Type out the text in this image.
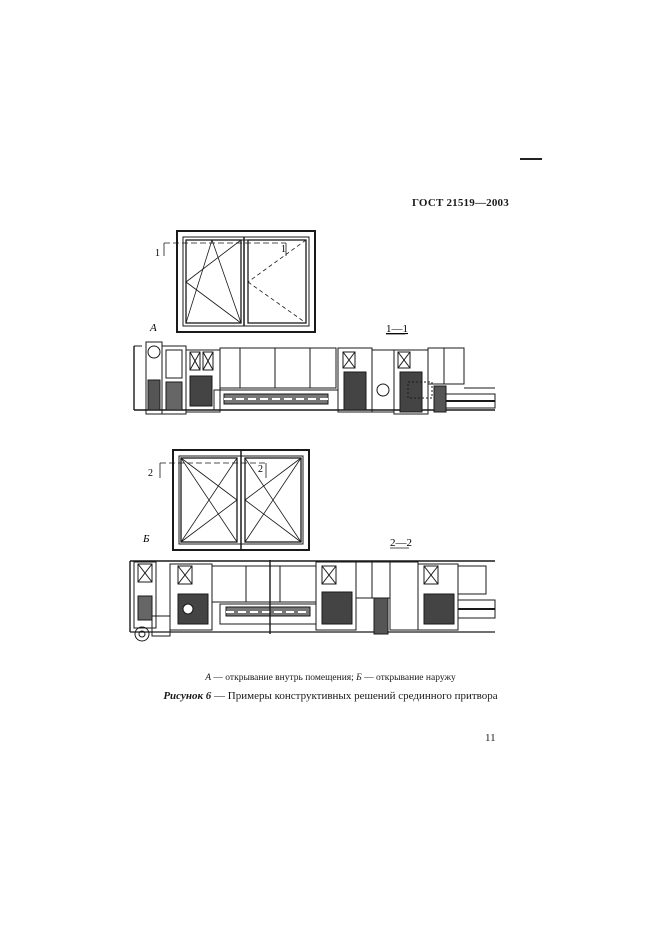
ГОСТ 21519—2003
1	1
А	1—1
2	2
Б	2—2
А — открывание внутрь помещения; Б — открывание наружу
Рисунок 6 — Примеры конструктивных решений срединного притвора
11
